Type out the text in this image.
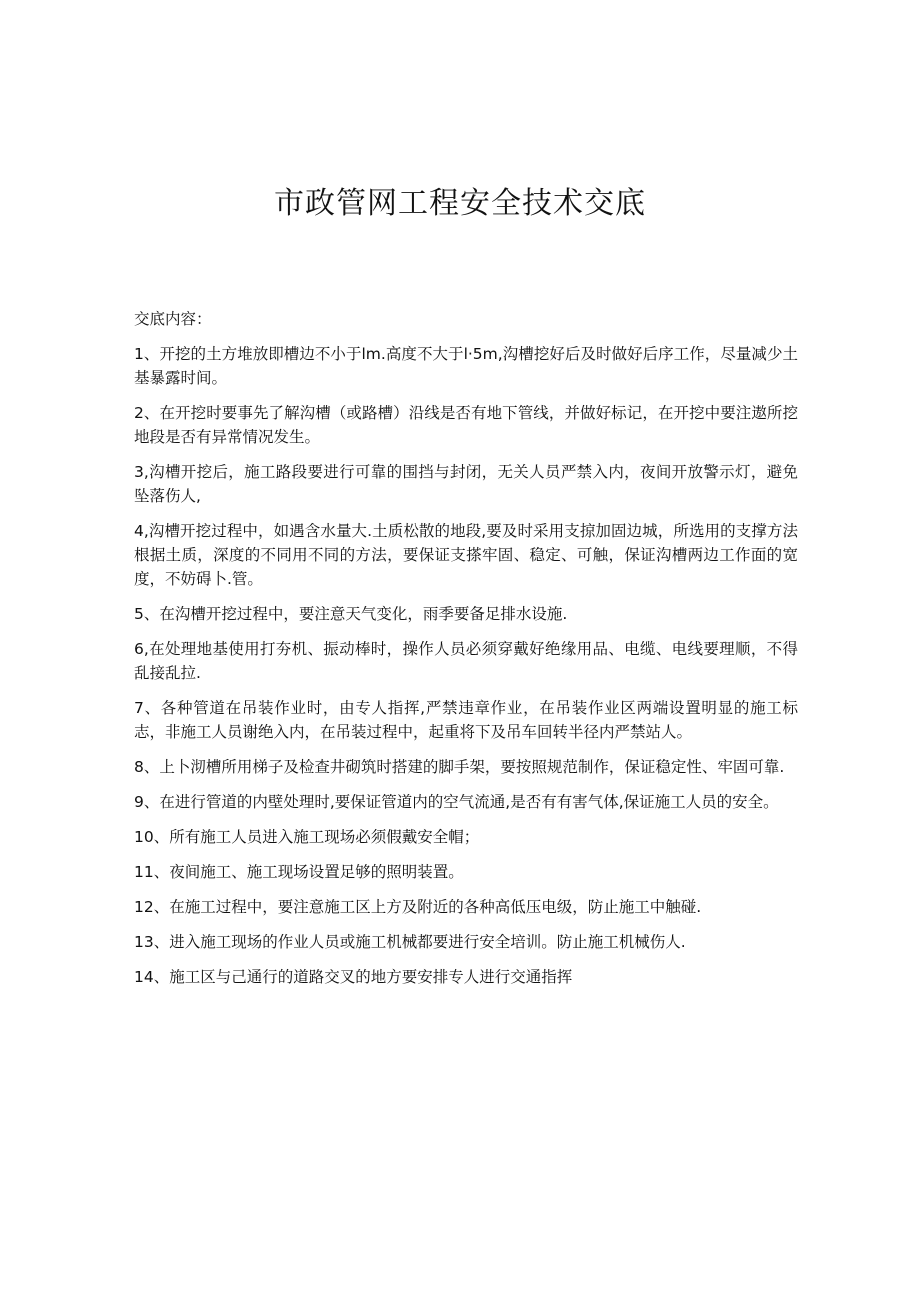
市政管网工程安全技术交底

交底内容：

1、开挖的土方堆放即槽边不小于lm.高度不大于l·5m,沟槽挖好后及时做好后序工作，尽量减少土基暴露时间。

2、在开挖时要事先了解沟槽（或路槽）沿线是否有地下管线，并做好标记，在开挖中要注遨所挖地段是否有异常情况发生。

3,沟槽开挖后，施工路段要进行可靠的围挡与封闭，无关人员严禁入内，夜间开放警示灯，避免坠落伤人,

4,沟槽开挖过程中，如遇含水量大.土质松散的地段,要及时采用支掠加固边城，所选用的支撑方法根据土质，深度的不同用不同的方法，要保证支搽牢固、稳定、可触，保证沟槽两边工作面的宽度，不妨碍卜.管。

5、在沟槽开挖过程中，要注意天气变化，雨季要备足排水设施.

6,在处理地基使用打夯机、振动棒时，操作人员必须穿戴好绝缘用品、电缆、电线要理顺，不得乱接乱拉.

7、各种管道在吊装作业时，由专人指挥,严禁违章作业，在吊装作业区两端设置明显的施工标志，非施工人员谢绝入内，在吊装过程中，起重将下及吊车回转半径内严禁站人。

8、上卜沏槽所用梯子及检查井砌筑时搭建的脚手架，要按照规范制作，保证稳定性、牢固可靠.

9、在进行管道的内壁处理时,要保证管道内的空气流通,是否有有害气体,保证施工人员的安全。

10、所有施工人员进入施工现场必须假戴安全帽；

11、夜间施工、施工现场设置足够的照明装置。

12、在施工过程中，要注意施工区上方及附近的各种高低压电级，防止施工中触碰.

13、进入施工现场的作业人员或施工机械都要进行安全培训。防止施工机械伤人.

14、施工区与己通行的道路交叉的地方要安排专人进行交通指挥
